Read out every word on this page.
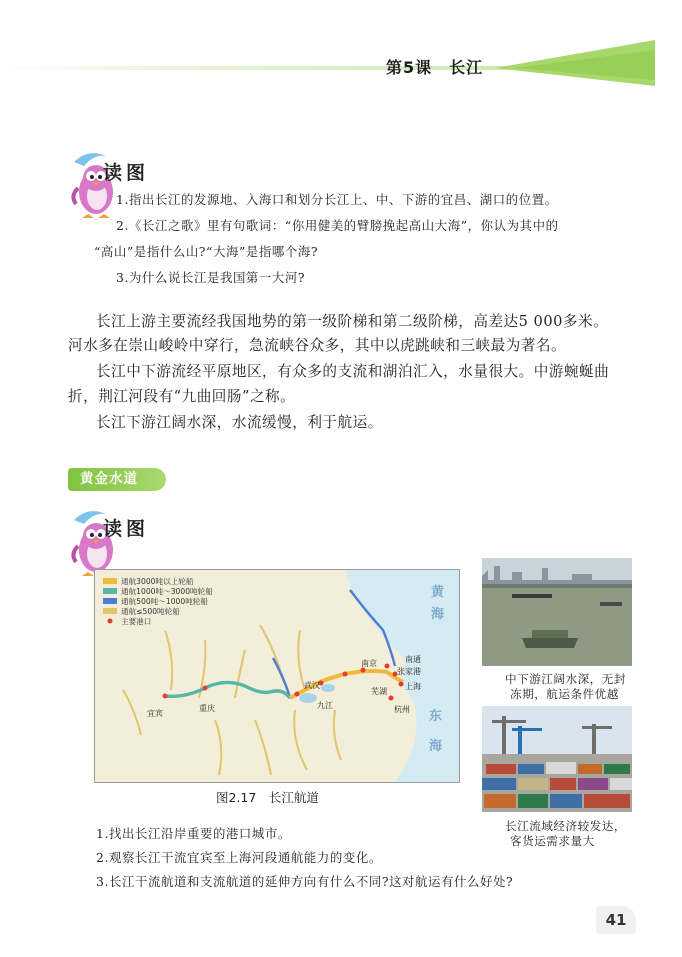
第5课　长江
读图
1.指出长江的发源地、入海口和划分长江上、中、下游的宜昌、湖口的位置。
2.《长江之歌》里有句歌词：“你用健美的臂膀挽起高山大海”，你认为其中的
“高山”是指什么山?“大海”是指哪个海?
3.为什么说长江是我国第一大河?
长江上游主要流经我国地势的第一级阶梯和第二级阶梯，高差达5 000多米。
河水多在崇山峻岭中穿行，急流峡谷众多，其中以虎跳峡和三峡最为著名。
长江中下游流经平原地区，有众多的支流和湖泊汇入，水量很大。中游蜿蜒曲
折，荆江河段有“九曲回肠”之称。
长江下游江阔水深，水流缓慢，利于航运。
黄金水道
读图
宜宾
重庆
武汉
九江
芜湖
南京	南通
张家港
上海
杭州
黄
海
东
海
通航3000吨以上轮船
通航1000吨～3000吨轮船
通航500吨～1000吨轮船
通航≤500吨轮船
主要港口
图2.17　长江航道
中下游江阔水深，无封
冻期，航运条件优越
长江流域经济较发达，
客货运需求量大
1.找出长江沿岸重要的港口城市。
2.观察长江干流宜宾至上海河段通航能力的变化。
3.长江干流航道和支流航道的延伸方向有什么不同?这对航运有什么好处?
41
